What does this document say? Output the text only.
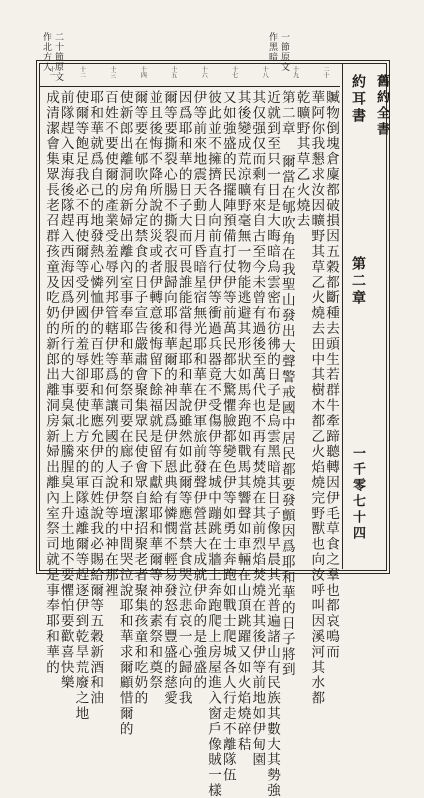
舊約全書
約耳書
第二章
一千零七十四
一節原文
作黑暗
二十節原文
作北方人	二十
十九
十八
十七
十六
十五
十四
十三
十二
十一
贓物倒塊倉廩都破損因五穀都斷種去頭生若群牛牽蹄聽轉因伊毛草食之羣也都哀鳴而
華阿你我懇求汝因曠野其草乙火燒去田中其樹木都乙火焰燒完野獸也向汝呼叫因溪河其水都
乾曠野其草乙火燒去
第二章 爾當在郇吹角在我聖山發出大聲警戒國中居民都要發顫因爲耶和華的日子將到
近就到至只一日是大晦暗烏雲密布彷彿的日子是烏雲黑暗其日子像早晨其光普遍諸山有民族其數大其勢強
其仅强仅而剩有來自古至今未曾有過後至萬代也不再有焚燒在其前烈焰焚燒在其後伊等前地如伊甸園
其後變成荒涼曠野毫無一物能逃避其形狀如馬奔跑如戰馬其響聲如車輛在山頂跳躍又如火焰燒碎秸
又如強盛的民擺陣預備打仗伊等前萬民都大驚懼臉都變色伊等如勇士奔跑如戰士爬城各人行走不離隊伍
彼此並不擁擠各人向前直行伊等衝過兵器竟不受傷伊等在城中蹦跳在牆上奔跑爬上房屋進入窗戶像賊一樣
伊等前來地震天動日月昏暗星宿無光耶和華在伊軍旅前發聲伊營甚大成就伊命的是強盛的
因爲耶和華的日子大而可畏誰能當得起耶和華說雖然如此爾等應當禁食哭泣悲哀一心歸向我
爾等要撕裂心腸不撕裂衣服歸向耶和華爾的神因爲伊有恩典有憐憫不輕易發怒有豐盛的慈愛
並且後悔不降所說的災或者伊轉意後悔留下餘福就是留下獻給耶和華爾等神的素祭和奠祭
爾等要在郇吹角分定禁食的日子宣告嚴肅會聚集眾民使會眾自潔招聚老者聚集孩童和吃奶的
使新郎出離洞房新婦出離內室事奉耶和華的祭司要在廊子和祭壇中間哭泣說耶和華求爾顧惜爾的
百姓不要使爾的產業受羞辱列邦管轄伊等爲何讓列國的人說伊等的神在那裡
耶和華就爲自己的地發熱心憐恤伊的百姓耶和華應允伊的百姓說我必賜給爾等五穀新酒和油
使爾等飽足我必不再使爾等受列國的羞辱卻要使北方來的軍隊遠離爾等趕逐伊到乾旱荒廢之地
前隊趕入東海後隊趕入西海因爲伊所行的大事臭氣上騰腥臭上升土地不要懼怕要歡喜快樂
成清潔會集眾長老召群孩童及吃奶的新郎出離洞房新婦出離內室祭司就是事奉耶和華的
